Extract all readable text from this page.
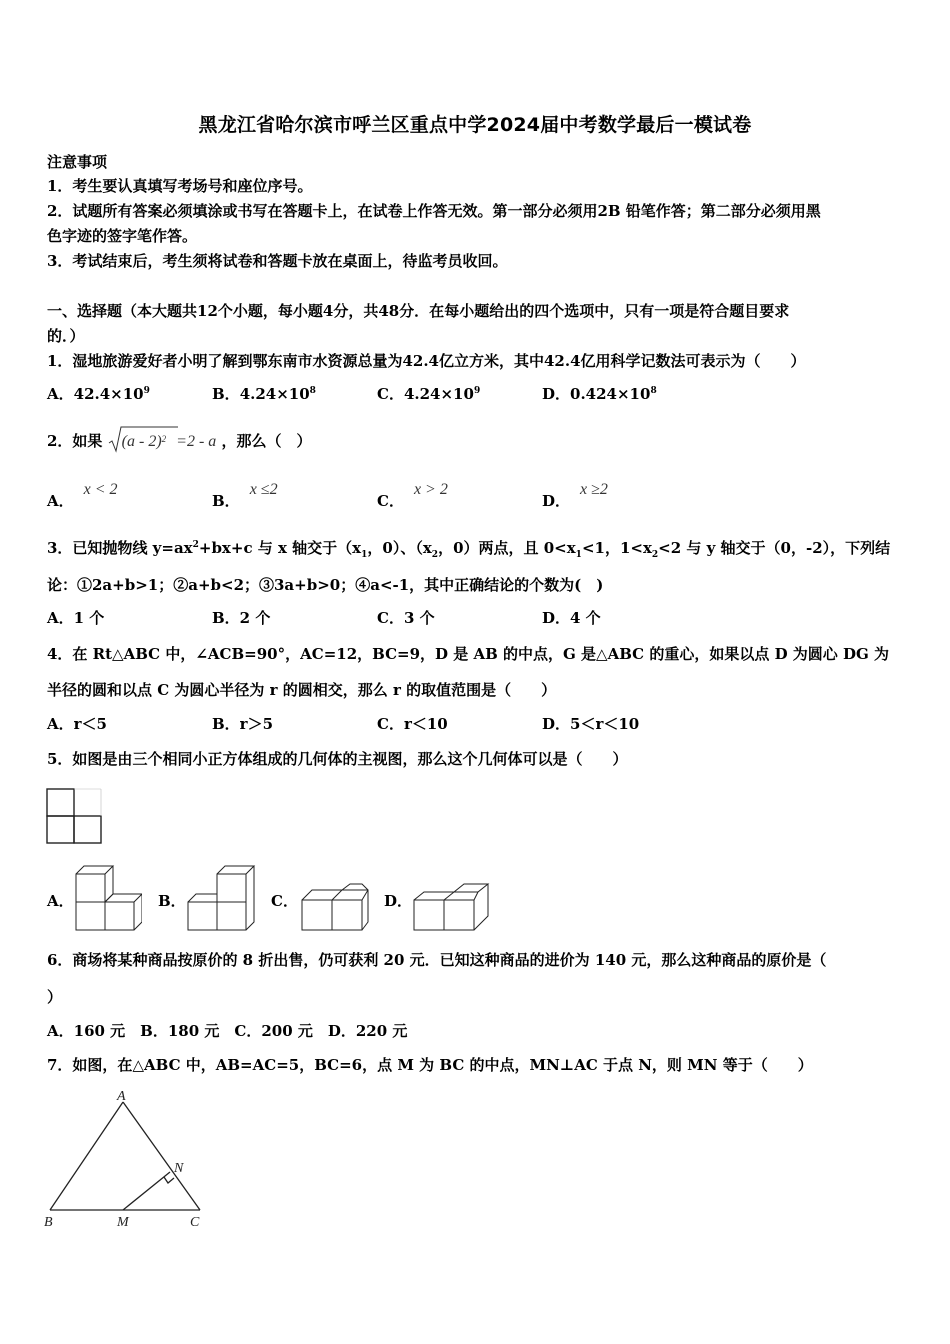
黑龙江省哈尔滨市呼兰区重点中学2024届中考数学最后一模试卷
注意事项
1．考生要认真填写考场号和座位序号。
2．试题所有答案必须填涂或书写在答题卡上，在试卷上作答无效。第一部分必须用2B 铅笔作答；第二部分必须用黑
色字迹的签字笔作答。
3．考试结束后，考生须将试卷和答题卡放在桌面上，待监考员收回。
一、选择题（本大题共12个小题，每小题4分，共48分．在每小题给出的四个选项中，只有一项是符合题目要求
的．）
1．湿地旅游爱好者小明了解到鄂东南市水资源总量为42.4亿立方米，其中42.4亿用科学记数法可表示为（　　）
A．$42.4\times 10^9$	B．$4.24\times 10^8$	C．$4.24\times 10^9$	D．$0.424\times 10^8$
2．如果 (a - 2)$^2$ =2 - a ，那么（　）
A．x < 2
B．x ≤2
C．x > 2
D．x ≥2
3．已知抛物线 $y=ax^2+bx+c$ 与 x 轴交于（$x_1$，0）、（$x_2$，0）两点，且 $0<x_1<1$，$1<x_2<2$ 与 y 轴交于（0，-2），下列结
论：①2a+b>1；②a+b<2；③3a+b>0；④a<-1，其中正确结论的个数为(　)
A．1 个	B．2 个	C．3 个	D．4 个
4．在 Rt△ABC 中，∠ACB=90°，AC=12，BC=9，D 是 AB 的中点，G 是△ABC 的重心，如果以点 D 为圆心 DG 为
半径的圆和以点 C 为圆心半径为 r 的圆相交，那么 r 的取值范围是（　　）
A．r＜5	B．r＞5	C．r＜10	D．5＜r＜10
5．如图是由三个相同小正方体组成的几何体的主视图，那么这个几何体可以是（　　）
A．	B．	C．	D．
6．商场将某种商品按原价的 8 折出售，仍可获利 20 元．已知这种商品的进价为 140 元，那么这种商品的原价是（
）
A．160 元　B．180 元　C．200 元　D．220 元
7．如图，在△ABC 中，AB=AC=5，BC=6，点 M 为 BC 的中点，MN⊥AC 于点 N，则 MN 等于（　　）
A
B	M	C
N
